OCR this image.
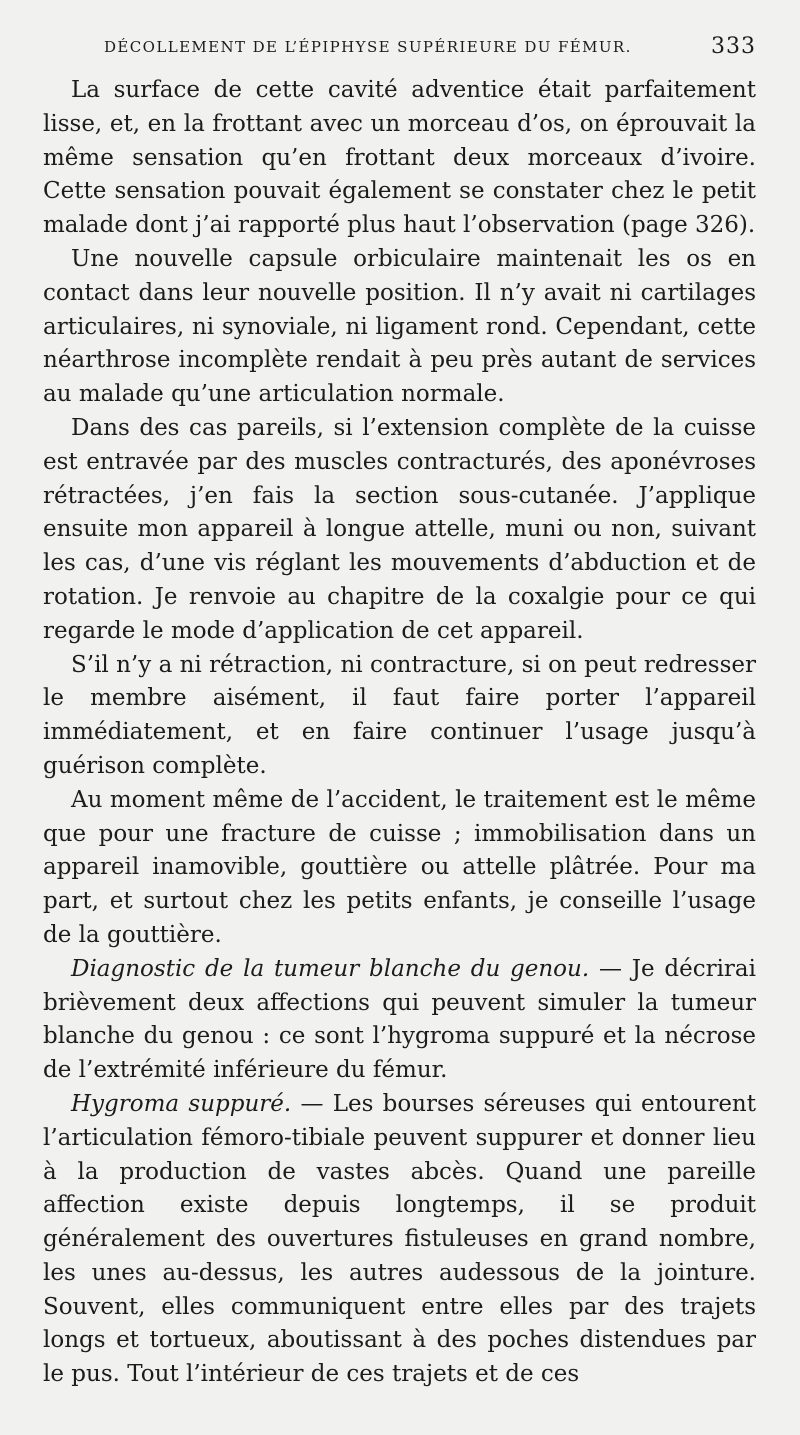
DÉCOLLEMENT DE L’ÉPIPHYSE SUPÉRIEURE DU FÉMUR.	333

La surface de cette cavité adventice était parfaitement lisse, et, en la frottant avec un morceau d’os, on éprouvait la même sensation qu’en frottant deux morceaux d’ivoire. Cette sensation pouvait également se constater chez le petit malade dont j’ai rapporté plus haut l’observation (page 326).

Une nouvelle capsule orbiculaire maintenait les os en contact dans leur nouvelle position. Il n’y avait ni cartilages articulaires, ni synoviale, ni ligament rond. Cependant, cette néarthrose incomplète rendait à peu près autant de services au malade qu’une articulation normale.

Dans des cas pareils, si l’extension complète de la cuisse est entravée par des muscles contracturés, des aponévroses rétractées, j’en fais la section sous-cutanée. J’applique ensuite mon appareil à longue attelle, muni ou non, suivant les cas, d’une vis réglant les mouvements d’abduction et de rotation. Je renvoie au chapitre de la coxalgie pour ce qui regarde le mode d’application de cet appareil.

S’il n’y a ni rétraction, ni contracture, si on peut redresser le membre aisément, il faut faire porter l’appareil immédiatement, et en faire continuer l’usage jusqu’à guérison complète.

Au moment même de l’accident, le traitement est le même que pour une fracture de cuisse ; immobilisation dans un appareil inamovible, gouttière ou attelle plâtrée. Pour ma part, et surtout chez les petits enfants, je conseille l’usage de la gouttière.

Diagnostic de la tumeur blanche du genou. — Je décrirai brièvement deux affections qui peuvent simuler la tumeur blanche du genou : ce sont l’hygroma suppuré et la nécrose de l’extrémité inférieure du fémur.

Hygroma suppuré. — Les bourses séreuses qui entourent l’articulation fémoro-tibiale peuvent suppurer et donner lieu à la production de vastes abcès. Quand une pareille affection existe depuis longtemps, il se produit généralement des ouvertures fistuleuses en grand nombre, les unes au-dessus, les autres audessous de la jointure. Souvent, elles communiquent entre elles par des trajets longs et tortueux, aboutissant à des poches distendues par le pus. Tout l’intérieur de ces trajets et de ces
